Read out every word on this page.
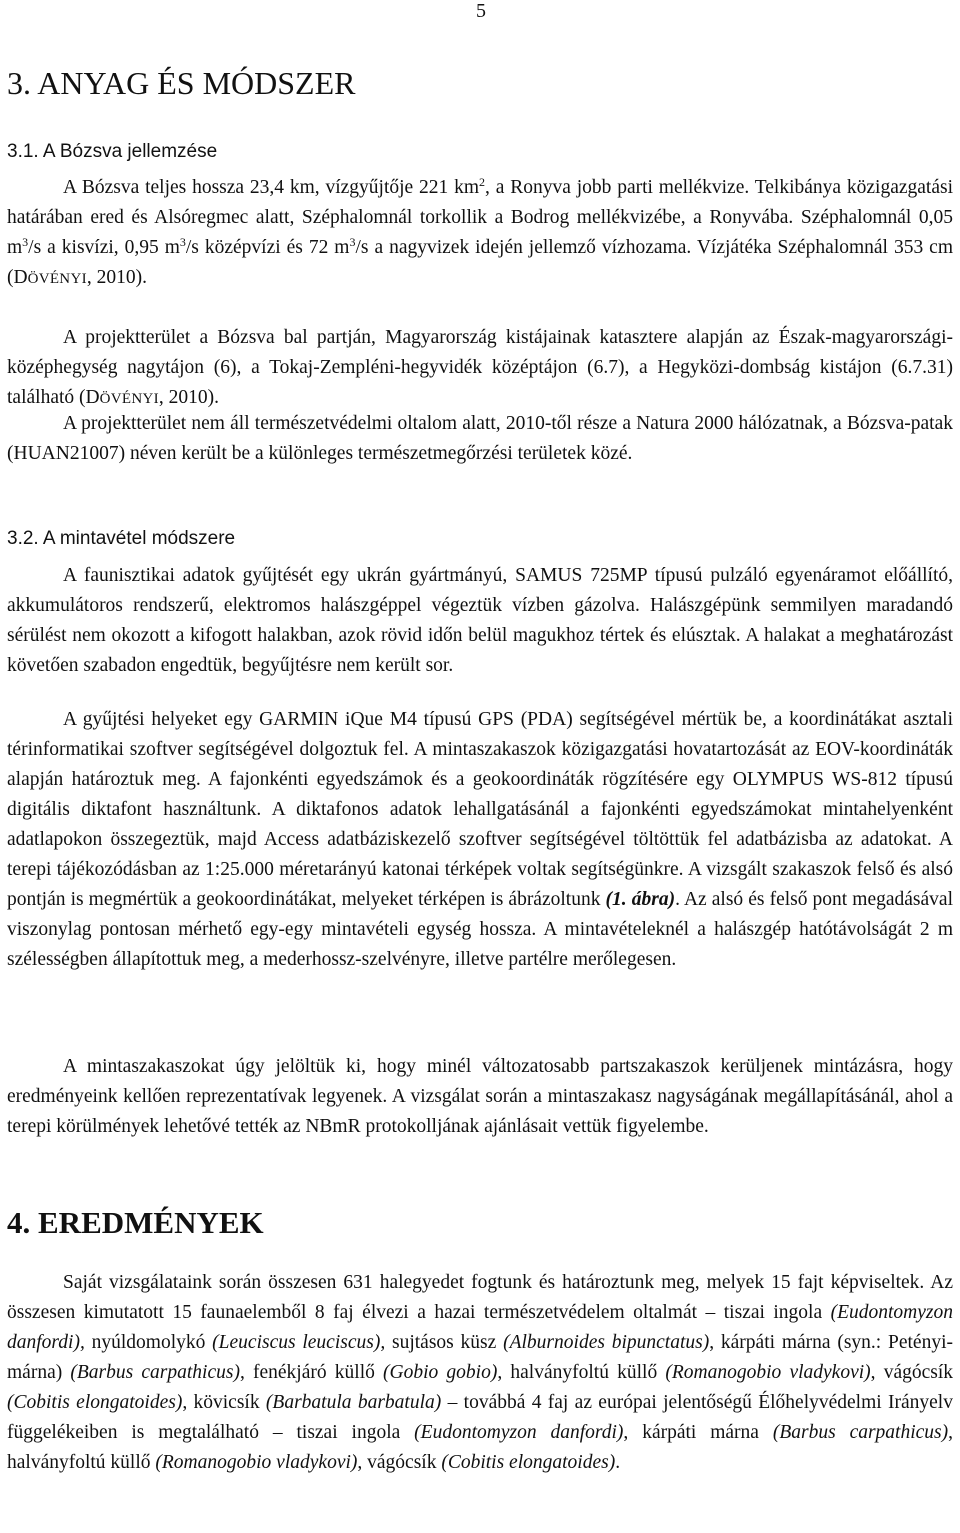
5
3. ANYAG ÉS MÓDSZER
3.1. A Bózsva jellemzése

A Bózsva teljes hossza 23,4 km, vízgyűjtője 221 $km^2$, a Ronyva jobb parti mellékvize. Telkibánya közigazgatási határában ered és Alsóregmec alatt, Széphalomnál torkollik a Bodrog mellékvizébe, a Ronyvába. Széphalomnál 0,05 $m^3/s$ a kisvízi, 0,95 $m^3/s$ középvízi és 72 $m^3/s$ a nagyvizek idején jellemző vízhozama. Vízjátéka Széphalomnál 353 cm (DÖVÉNYI, 2010).

A projektterület a Bózsva bal partján, Magyarország kistájainak katasztere alapján az Észak-magyarországi-középhegység nagytájon (6), a Tokaj-Zempléni-hegyvidék középtájon (6.7), a Hegyközi-dombság kistájon (6.7.31) található (DÖVÉNYI, 2010).

A projektterület nem áll természetvédelmi oltalom alatt, 2010-től része a Natura 2000 hálózatnak, a Bózsva-patak (HUAN21007) néven került be a különleges természetmegőrzési területek közé.

3.2. A mintavétel módszere

A faunisztikai adatok gyűjtését egy ukrán gyártmányú, SAMUS 725MP típusú pulzáló egyenáramot előállító, akkumulátoros rendszerű, elektromos halászgéppel végeztük vízben gázolva. Halászgépünk semmilyen maradandó sérülést nem okozott a kifogott halakban, azok rövid időn belül magukhoz tértek és elúsztak. A halakat a meghatározást követően szabadon engedtük, begyűjtésre nem került sor.

A gyűjtési helyeket egy GARMIN iQue M4 típusú GPS (PDA) segítségével mértük be, a koordinátákat asztali térinformatikai szoftver segítségével dolgoztuk fel. A mintaszakaszok közigazgatási hovatartozását az EOV-koordináták alapján határoztuk meg. A fajonkénti egyedszámok és a geokoordináták rögzítésére egy OLYMPUS WS-812 típusú digitális diktafont használtunk. A diktafonos adatok lehallgatásánál a fajonkénti egyedszámokat mintahelyenként adatlapokon összegeztük, majd Access adatbáziskezelő szoftver segítségével töltöttük fel adatbázisba az adatokat. A terepi tájékozódásban az 1:25.000 méretarányú katonai térképek voltak segítségünkre. A vizsgált szakaszok felső és alsó pontján is megmértük a geokoordinátákat, melyeket térképen is ábrázoltunk (1. ábra). Az alsó és felső pont megadásával viszonylag pontosan mérhető egy-egy mintavételi egység hossza. A mintavételeknél a halászgép hatótávolságát 2 m szélességben állapítottuk meg, a mederhossz-szelvényre, illetve partélre merőlegesen.

A mintaszakaszokat úgy jelöltük ki, hogy minél változatosabb partszakaszok kerüljenek mintázásra, hogy eredményeink kellően reprezentatívak legyenek. A vizsgálat során a mintaszakasz nagyságának megállapításánál, ahol a terepi körülmények lehetővé tették az NBmR protokolljának ajánlásait vettük figyelembe.

4. EREDMÉNYEK

Saját vizsgálataink során összesen 631 halegyedet fogtunk és határoztunk meg, melyek 15 fajt képviseltek. Az összesen kimutatott 15 faunaelemből 8 faj élvezi a hazai természetvédelem oltalmát – tiszai ingola (Eudontomyzon danfordi), nyúldomolykó (Leuciscus leuciscus), sujtásos küsz (Alburnoides bipunctatus), kárpáti márna (syn.: Petényi-márna) (Barbus carpathicus), fenékjáró küllő (Gobio gobio), halványfoltú küllő (Romanogobio vladykovi), vágócsík (Cobitis elongatoides), kövicsík (Barbatula barbatula) – továbbá 4 faj az európai jelentőségű Élőhelyvédelmi Irányelv függelékeiben is megtalálható – tiszai ingola (Eudontomyzon danfordi), kárpáti márna (Barbus carpathicus), halványfoltú küllő (Romanogobio vladykovi), vágócsík (Cobitis elongatoides).
